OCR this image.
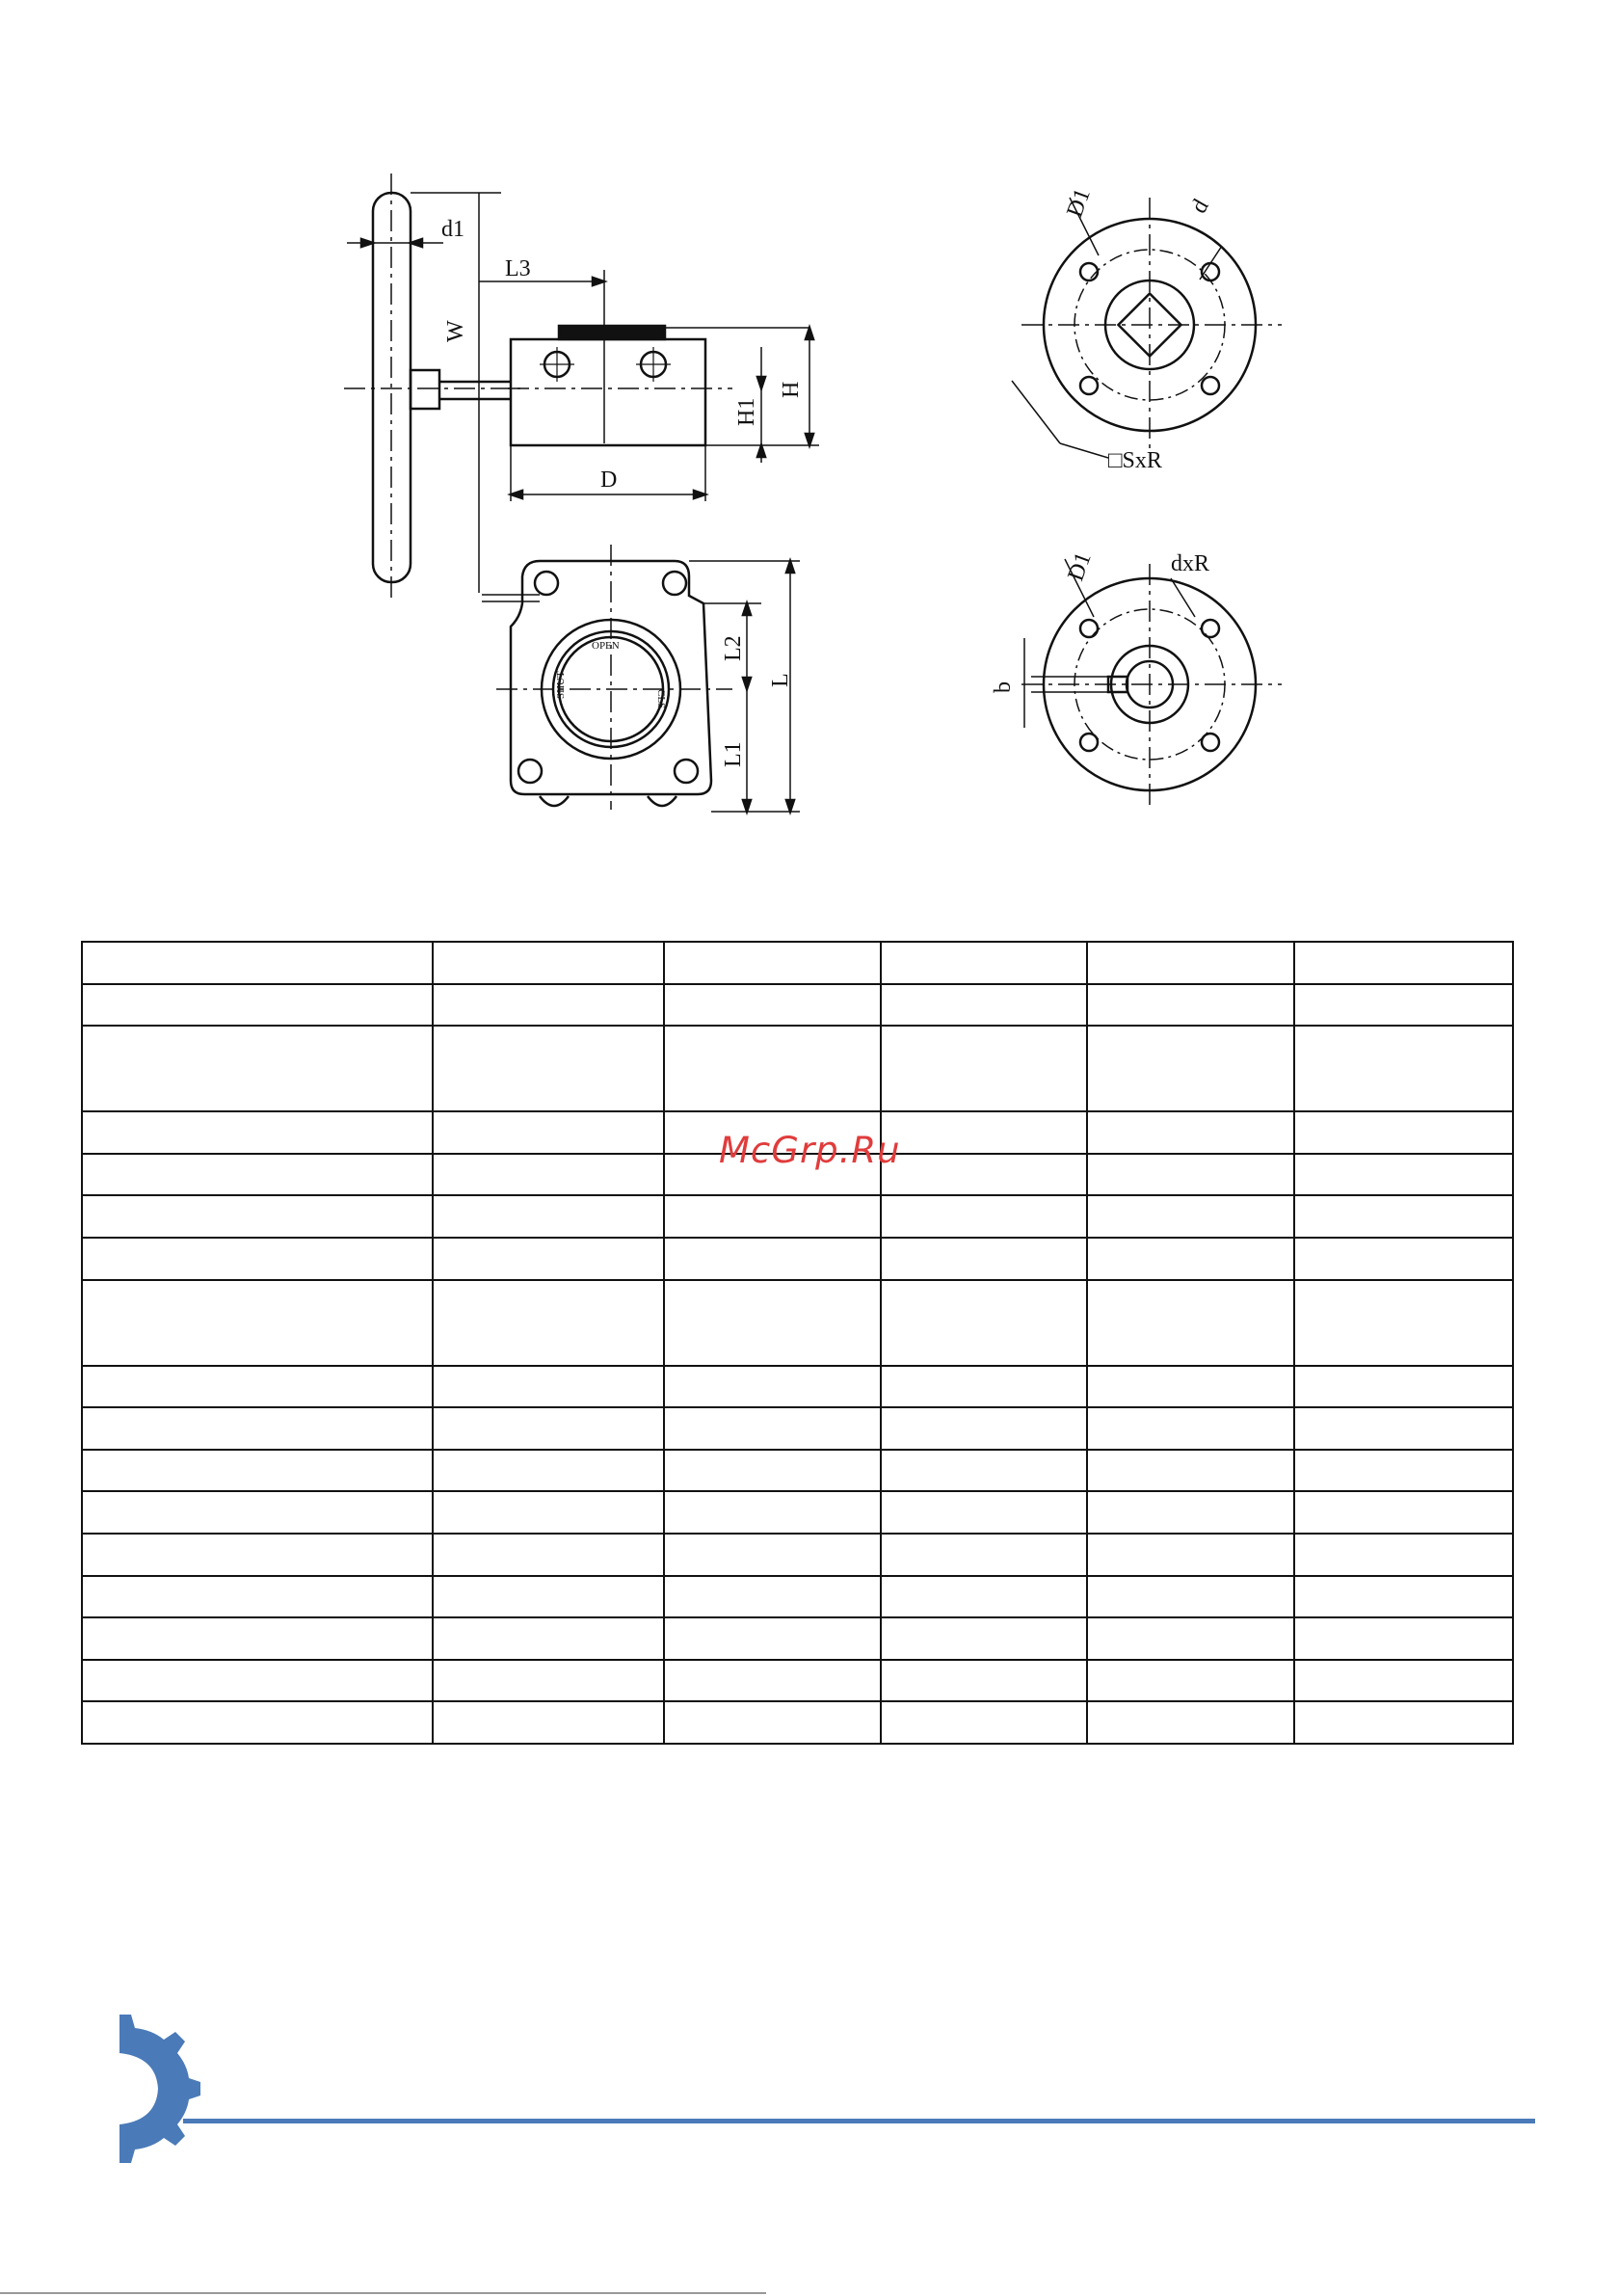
d1
L3
W
H
H1
D
L
L2
L1
D1	d
□SxR
D1	dxR
b
OPEN
SHUT
CLS

McGrp.Ru
